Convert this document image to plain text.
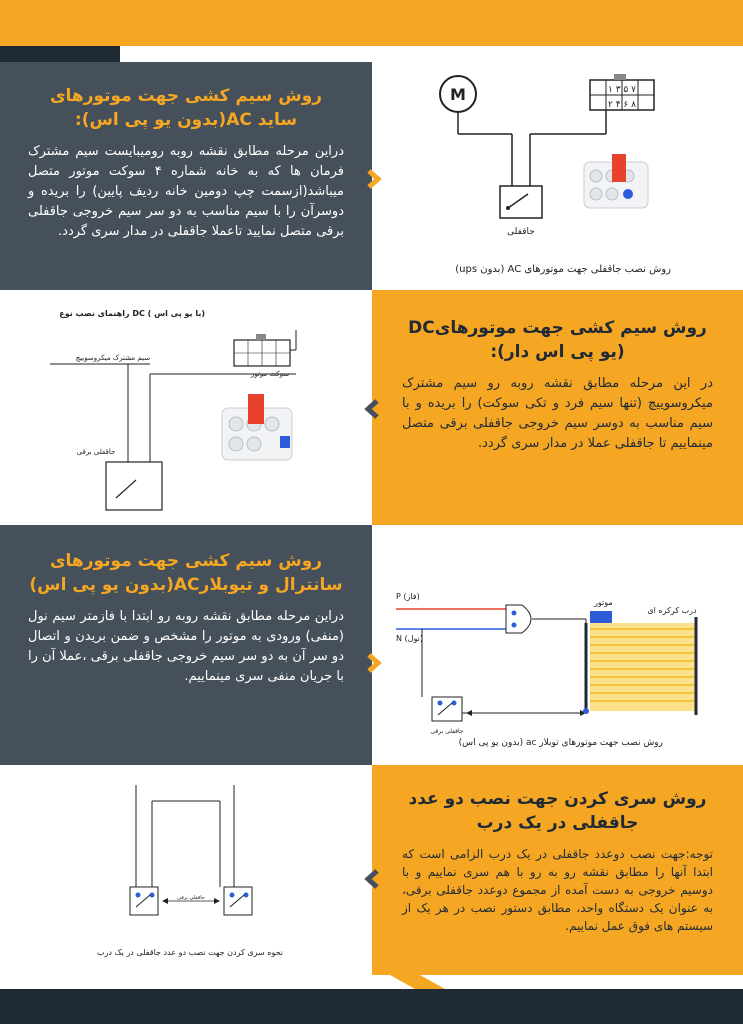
روش سیم کشی جهت موتورهای ساید AC(بدون یو پی اس):

دراین مرحله مطابق نقشه روبه رومیبایست سیم مشترک فرمان ها که به خانه شماره ۴ سوکت موتور متصل میباشد(ازسمت چپ دومین خانه ردیف پایین) را بریده و دوسرآن را با سیم مناسب به دو سر سیم خروجی جاقفلی برقی متصل نمایید تاعملا جاقفلی در مدار سری گردد.

M	۱ ۳ ۵ ۷
۲ ۴ ۶ ۸
جاقفلی
روش نصب جاقفلی جهت موتورهای AC (بدون ups)
راهنمای نصب نوع DC ( با یو پی اس)
سوکت موتور
سیم مشترک میکروسوییچ
جاقفلی برقی
روش سیم کشی جهت موتورهایDC (یو پی اس دار):

در این مرحله مطابق نقشه روبه رو سیم مشترک میکروسوییچ (تنها سیم فرد و تکی سوکت) را بریده و با سیم مناسب به دوسر سیم خروجی جاقفلی برقی متصل مینماییم تا جاقفلی عملا در مدار سری گردد.

روش سیم کشی جهت موتورهای سانترال و تیوبلارAC(بدون یو پی اس)

دراین مرحله مطابق نقشه روبه رو ابتدا با فازمتر سیم نول (منفی) ورودی به موتور را مشخص و ضمن بریدن و اتصال دو سر آن به دو سر سیم خروجی جاقفلی برقی ،عملا آن را با جریان منفی سری مینماییم.

P (فاز)
N (نول)
جاقفلی برقی
موتور
درب کرکره ای
روش نصب جهت موتورهای توبلار ac (بدون یو پی اس)
جاقفلی برقی
نحوه سری کردن جهت نصب دو عدد جاقفلی در یک درب
روش سری کردن جهت نصب دو عدد جاقفلی در یک درب

توجه:جهت نصب دوعدد جاقفلی در یک درب الزامی است که ابتدا آنها را مطابق نقشه رو به رو با هم سری نماییم و با دوسیم خروجی به دست آمده از مجموع دوعدد جاقفلی برقی، به عنوان یک دستگاه واحد، مطابق دستور نصب در هر یک از سیستم های فوق عمل نماییم.
